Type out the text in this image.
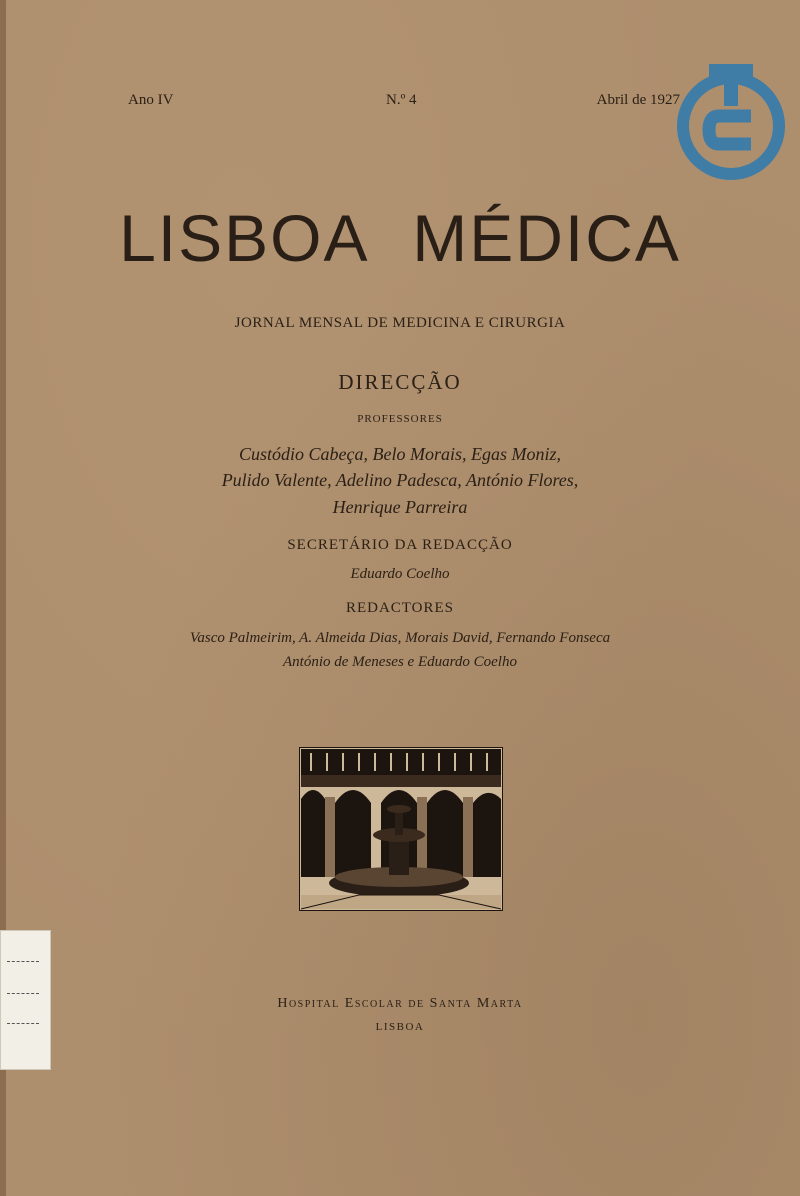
Ano IV	N.º 4	Abril de 1927
LISBOA MÉDICA
JORNAL MENSAL DE MEDICINA E CIRURGIA
DIRECÇÃO
PROFESSORES
Custódio Cabeça, Belo Morais, Egas Moniz,
Pulido Valente, Adelino Padesca, António Flores,
Henrique Parreira
SECRETÁRIO DA REDACÇÃO
Eduardo Coelho
REDACTORES
Vasco Palmeirim, A. Almeida Dias, Morais David, Fernando Fonseca
António de Meneses e Eduardo Coelho
Hospital Escolar de Santa Marta
LISBOA
